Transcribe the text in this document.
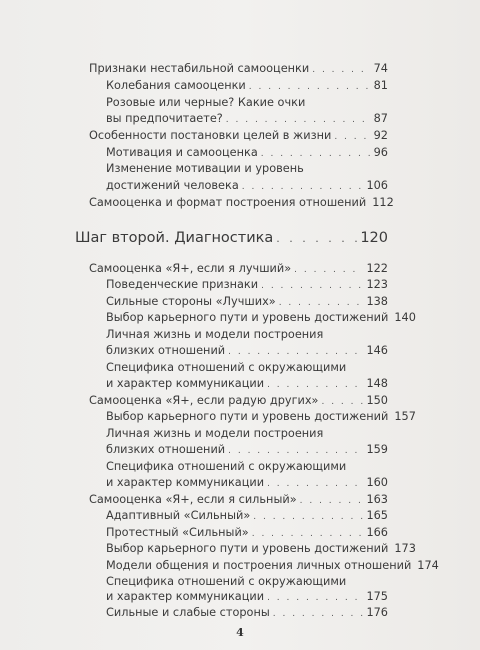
Признаки нестабильной самооценки . . .	74
Колебания самооценки . . .	81
Розовые или черные? Какие очки
вы предпочитаете? . . .	87
Особенности постановки целей в жизни . . .	92
Мотивация и самооценка . . .	96
Изменение мотивации и уровень
достижений человека . . .	106
Самооценка и формат построения отношений 112
Шаг второй. Диагностика . . .	120
Самооценка «Я+, если я лучший» . . .	122
Поведенческие признаки . . .	123
Сильные стороны «Лучших» . . .	138
Выбор карьерного пути и уровень достижений 140
Личная жизнь и модели построения
близких отношений . . .	146
Специфика отношений с окружающими
и характер коммуникации . . .	148
Самооценка «Я+, если радую других» . . .	150
Выбор карьерного пути и уровень достижений 157
Личная жизнь и модели построения
близких отношений . . .	159
Специфика отношений с окружающими
и характер коммуникации . . .	160
Самооценка «Я+, если я сильный» . . .	163
Адаптивный «Сильный» . . .	165
Протестный «Сильный» . . .	166
Выбор карьерного пути и уровень достижений 173
Модели общения и построения личных отношений 174
Специфика отношений с окружающими
и характер коммуникации . . .	175
Сильные и слабые стороны . . .	176
4
